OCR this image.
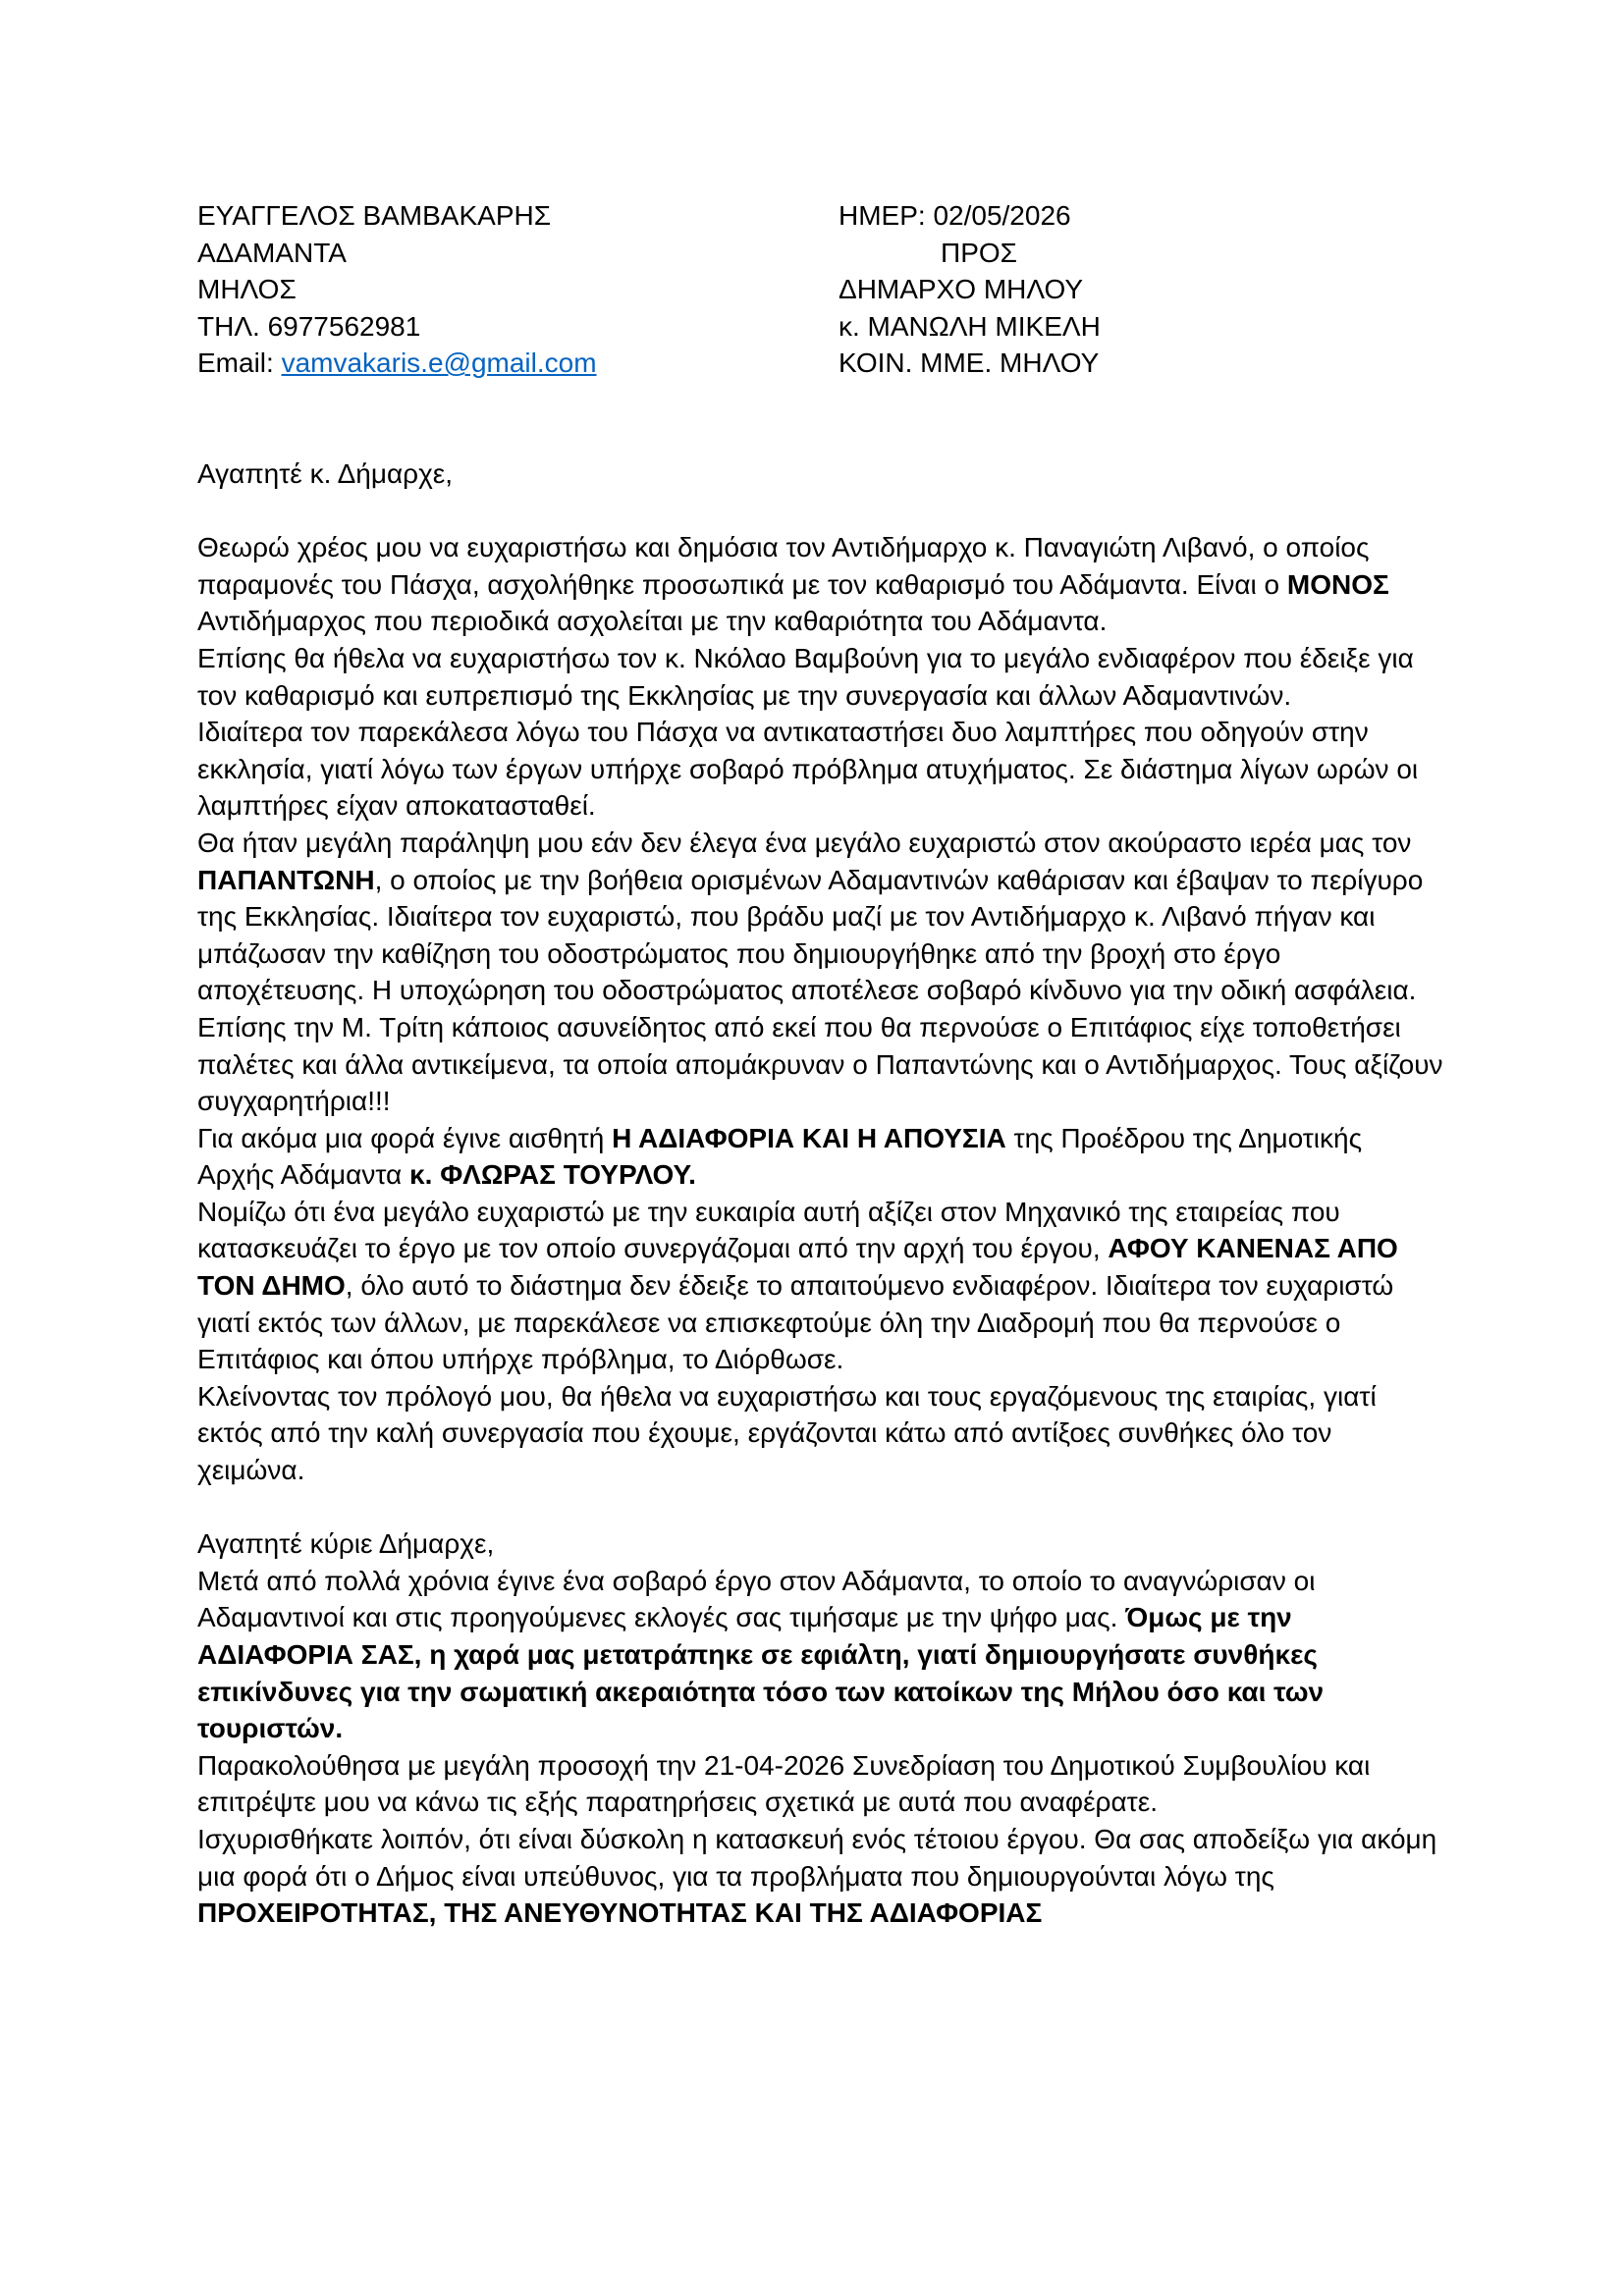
ΕΥΑΓΓΕΛΟΣ ΒΑΜΒΑΚΑΡΗΣ
ΑΔΑΜΑΝΤΑ
ΜΗΛΟΣ
ΤΗΛ. 6977562981
Email: vamvakaris.e@gmail.com
ΗΜΕΡ: 02/05/2026
ΠΡΟΣ
ΔΗΜΑΡΧΟ ΜΗΛΟΥ
κ. ΜΑΝΩΛΗ ΜΙΚΕΛΗ
ΚΟΙΝ. ΜΜΕ. ΜΗΛΟΥ

Αγαπητέ κ. Δήμαρχε,

Θεωρώ χρέος μου να ευχαριστήσω και δημόσια τον Αντιδήμαρχο κ. Παναγιώτη Λιβανό, ο οποίος παραμονές του Πάσχα, ασχολήθηκε προσωπικά με τον καθαρισμό του Αδάμαντα. Είναι ο ΜΟΝΟΣ Αντιδήμαρχος που περιοδικά ασχολείται με την καθαριότητα του Αδάμαντα.

Επίσης θα ήθελα να ευχαριστήσω τον κ. Νκόλαο Βαμβούνη για το μεγάλο ενδιαφέρον που έδειξε για τον καθαρισμό και ευπρεπισμό της Εκκλησίας με την συνεργασία και άλλων Αδαμαντινών.

Ιδιαίτερα τον παρεκάλεσα λόγω του Πάσχα να αντικαταστήσει δυο λαμπτήρες που οδηγούν στην εκκλησία, γιατί λόγω των έργων υπήρχε σοβαρό πρόβλημα ατυχήματος. Σε διάστημα λίγων ωρών οι λαμπτήρες είχαν αποκατασταθεί.

Θα ήταν μεγάλη παράληψη μου εάν δεν έλεγα ένα μεγάλο ευχαριστώ στον ακούραστο ιερέα μας τον ΠΑΠΑΝΤΩΝΗ, ο οποίος με την βοήθεια ορισμένων Αδαμαντινών καθάρισαν και έβαψαν το περίγυρο της Εκκλησίας. Ιδιαίτερα τον ευχαριστώ, που βράδυ μαζί με τον Αντιδήμαρχο κ. Λιβανό πήγαν και μπάζωσαν την καθίζηση του οδοστρώματος που δημιουργήθηκε από την βροχή στο έργο αποχέτευσης. Η υποχώρηση του οδοστρώματος αποτέλεσε σοβαρό κίνδυνο για την οδική ασφάλεια.

Επίσης την Μ. Τρίτη κάποιος ασυνείδητος από εκεί που θα περνούσε ο Επιτάφιος είχε τοποθετήσει παλέτες και άλλα αντικείμενα, τα οποία απομάκρυναν ο Παπαντώνης και ο Αντιδήμαρχος. Τους αξίζουν συγχαρητήρια!!!

Για ακόμα μια φορά έγινε αισθητή Η ΑΔΙΑΦΟΡΙΑ ΚΑΙ Η ΑΠΟΥΣΙΑ της Προέδρου της Δημοτικής Αρχής Αδάμαντα κ. ΦΛΩΡΑΣ ΤΟΥΡΛΟΥ.

Νομίζω ότι ένα μεγάλο ευχαριστώ με την ευκαιρία αυτή αξίζει στον Μηχανικό της εταιρείας που κατασκευάζει το έργο με τον οποίο συνεργάζομαι από την αρχή του έργου, ΑΦΟΥ ΚΑΝΕΝΑΣ ΑΠΟ ΤΟΝ ΔΗΜΟ, όλο αυτό το διάστημα δεν έδειξε το απαιτούμενο ενδιαφέρον. Ιδιαίτερα τον ευχαριστώ γιατί εκτός των άλλων, με παρεκάλεσε να επισκεφτούμε όλη την Διαδρομή που θα περνούσε ο Επιτάφιος και όπου υπήρχε πρόβλημα, το Διόρθωσε.

Κλείνοντας τον πρόλογό μου, θα ήθελα να ευχαριστήσω και τους εργαζόμενους της εταιρίας, γιατί εκτός από την καλή συνεργασία που έχουμε, εργάζονται κάτω από αντίξοες συνθήκες όλο τον χειμώνα.

Αγαπητέ κύριε Δήμαρχε,

Μετά από πολλά χρόνια έγινε ένα σοβαρό έργο στον Αδάμαντα, το οποίο το αναγνώρισαν οι Αδαμαντινοί και στις προηγούμενες εκλογές σας τιμήσαμε με την ψήφο μας. Όμως με την ΑΔΙΑΦΟΡΙΑ ΣΑΣ, η χαρά μας μετατράπηκε σε εφιάλτη, γιατί δημιουργήσατε συνθήκες επικίνδυνες για την σωματική ακεραιότητα τόσο των κατοίκων της Μήλου όσο και των τουριστών.

Παρακολούθησα με μεγάλη προσοχή την 21-04-2026 Συνεδρίαση του Δημοτικού Συμβουλίου και επιτρέψτε μου να κάνω τις εξής παρατηρήσεις σχετικά με αυτά που αναφέρατε.

Ισχυρισθήκατε λοιπόν, ότι είναι δύσκολη η κατασκευή ενός τέτοιου έργου. Θα σας αποδείξω για ακόμη μια φορά ότι ο Δήμος είναι υπεύθυνος, για τα προβλήματα που δημιουργούνται λόγω της ΠΡΟΧΕΙΡΟΤΗΤΑΣ, ΤΗΣ ΑΝΕΥΘΥΝΟΤΗΤΑΣ ΚΑΙ ΤΗΣ ΑΔΙΑΦΟΡΙΑΣ
